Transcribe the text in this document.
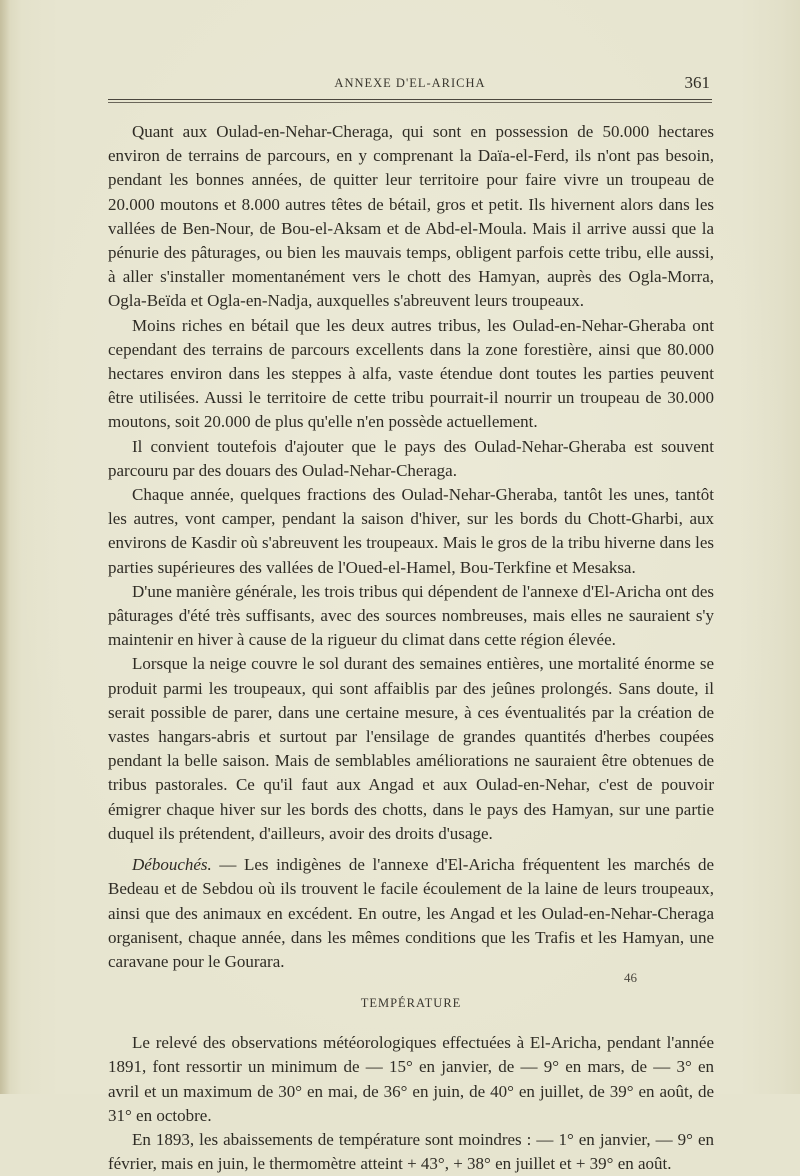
ANNEXE D'EL-ARICHA	361

Quant aux Oulad-en-Nehar-Cheraga, qui sont en possession de 50.000 hectares environ de terrains de parcours, en y comprenant la Daïa-el-Ferd, ils n'ont pas besoin, pendant les bonnes années, de quitter leur territoire pour faire vivre un troupeau de 20.000 moutons et 8.000 autres têtes de bétail, gros et petit. Ils hivernent alors dans les vallées de Ben-Nour, de Bou-el-Aksam et de Abd-el-Moula. Mais il arrive aussi que la pénurie des pâturages, ou bien les mauvais temps, obligent parfois cette tribu, elle aussi, à aller s'installer momentanément vers le chott des Hamyan, auprès des Ogla-Morra, Ogla-Beïda et Ogla-en-Nadja, auxquelles s'abreuvent leurs troupeaux.

Moins riches en bétail que les deux autres tribus, les Oulad-en-Nehar-Gheraba ont cependant des terrains de parcours excellents dans la zone forestière, ainsi que 80.000 hectares environ dans les steppes à alfa, vaste étendue dont toutes les parties peuvent être utilisées. Aussi le territoire de cette tribu pourrait-il nourrir un troupeau de 30.000 moutons, soit 20.000 de plus qu'elle n'en possède actuellement.

Il convient toutefois d'ajouter que le pays des Oulad-Nehar-Gheraba est souvent parcouru par des douars des Oulad-Nehar-Cheraga.

Chaque année, quelques fractions des Oulad-Nehar-Gheraba, tantôt les unes, tantôt les autres, vont camper, pendant la saison d'hiver, sur les bords du Chott-Gharbi, aux environs de Kasdir où s'abreuvent les troupeaux. Mais le gros de la tribu hiverne dans les parties supérieures des vallées de l'Oued-el-Hamel, Bou-Terkfine et Mesaksa.

D'une manière générale, les trois tribus qui dépendent de l'annexe d'El-Aricha ont des pâturages d'été très suffisants, avec des sources nombreuses, mais elles ne sauraient s'y maintenir en hiver à cause de la rigueur du climat dans cette région élevée.

Lorsque la neige couvre le sol durant des semaines entières, une mortalité énorme se produit parmi les troupeaux, qui sont affaiblis par des jeûnes prolongés. Sans doute, il serait possible de parer, dans une certaine mesure, à ces éventualités par la création de vastes hangars-abris et surtout par l'ensilage de grandes quantités d'herbes coupées pendant la belle saison. Mais de semblables améliorations ne sauraient être obtenues de tribus pastorales. Ce qu'il faut aux Angad et aux Oulad-en-Nehar, c'est de pouvoir émigrer chaque hiver sur les bords des chotts, dans le pays des Hamyan, sur une partie duquel ils prétendent, d'ailleurs, avoir des droits d'usage.

Débouchés. — Les indigènes de l'annexe d'El-Aricha fréquentent les marchés de Bedeau et de Sebdou où ils trouvent le facile écoulement de la laine de leurs troupeaux, ainsi que des animaux en excédent. En outre, les Angad et les Oulad-en-Nehar-Cheraga organisent, chaque année, dans les mêmes conditions que les Trafis et les Hamyan, une caravane pour le Gourara.

TEMPÉRATURE

Le relevé des observations météorologiques effectuées à El-Aricha, pendant l'année 1891, font ressortir un minimum de — 15° en janvier, de — 9° en mars, de — 3° en avril et un maximum de 30° en mai, de 36° en juin, de 40° en juillet, de 39° en août, de 31° en octobre.

En 1893, les abaissements de température sont moindres : — 1° en janvier, — 9° en février, mais en juin, le thermomètre atteint + 43°, + 38° en juillet et + 39° en août.

46
